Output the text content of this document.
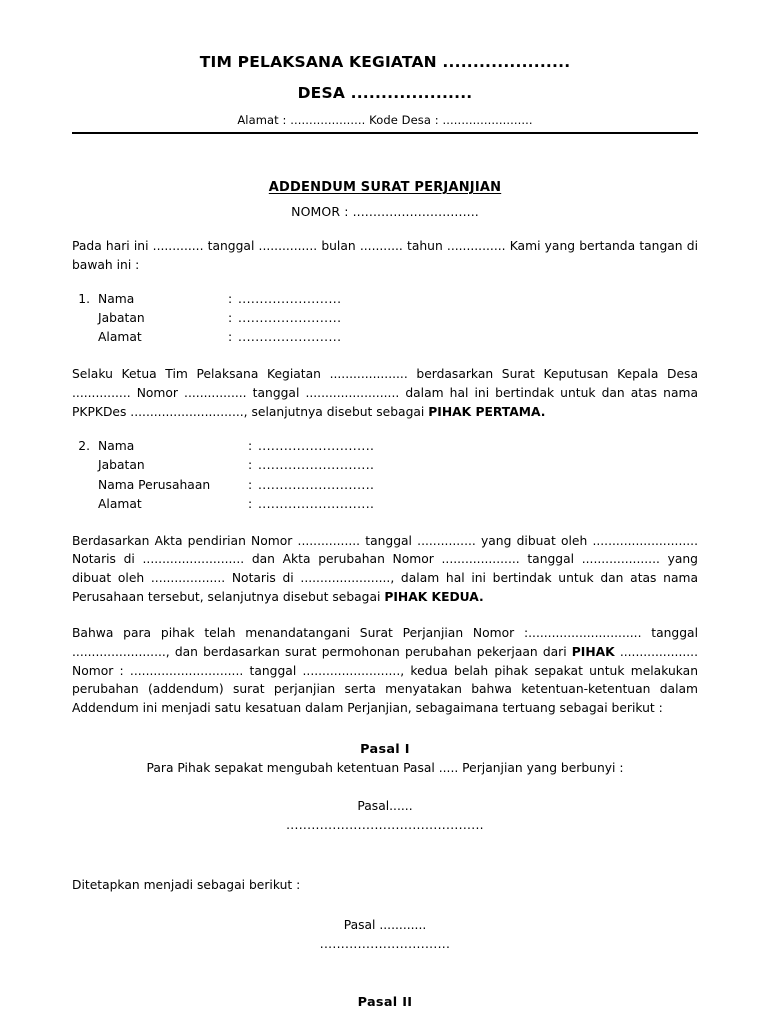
TIM PELAKSANA KEGIATAN .....................
DESA ....................
Alamat : .................... Kode Desa : ........................
ADDENDUM SURAT PERJANJIAN
NOMOR : ...............................
Pada hari ini ............. tanggal ............... bulan ........... tahun ............... Kami yang bertanda tangan di bawah ini :
1. Nama	: ........................
Jabatan	: ........................
Alamat	: ........................
Selaku Ketua Tim Pelaksana Kegiatan .................... berdasarkan Surat Keputusan Kepala Desa ............... Nomor ................ tanggal ........................ dalam hal ini bertindak untuk dan atas nama PKPKDes ............................., selanjutnya disebut sebagai PIHAK PERTAMA.
2. Nama	: ...........................
Jabatan	: ...........................
Nama Perusahaan	: ...........................
Alamat	: ...........................
Berdasarkan Akta pendirian Nomor ................ tanggal ............... yang dibuat oleh ........................... Notaris di .......................... dan Akta perubahan Nomor .................... tanggal .................... yang dibuat oleh ................... Notaris di ......................., dalam hal ini bertindak untuk dan atas nama Perusahaan tersebut, selanjutnya disebut sebagai PIHAK KEDUA.
Bahwa para pihak telah menandatangani Surat Perjanjian Nomor :............................. tanggal ........................, dan berdasarkan surat permohonan perubahan pekerjaan dari PIHAK .................... Nomor : ............................. tanggal ........................., kedua belah pihak sepakat untuk melakukan perubahan (addendum) surat perjanjian serta menyatakan bahwa ketentuan-ketentuan dalam Addendum ini menjadi satu kesatuan dalam Perjanjian, sebagaimana tertuang sebagai berikut :
Pasal I
Para Pihak sepakat mengubah ketentuan Pasal ..... Perjanjian yang berbunyi :
Pasal......
...............................................
Ditetapkan menjadi sebagai berikut :
Pasal ............
...............................
Pasal II
